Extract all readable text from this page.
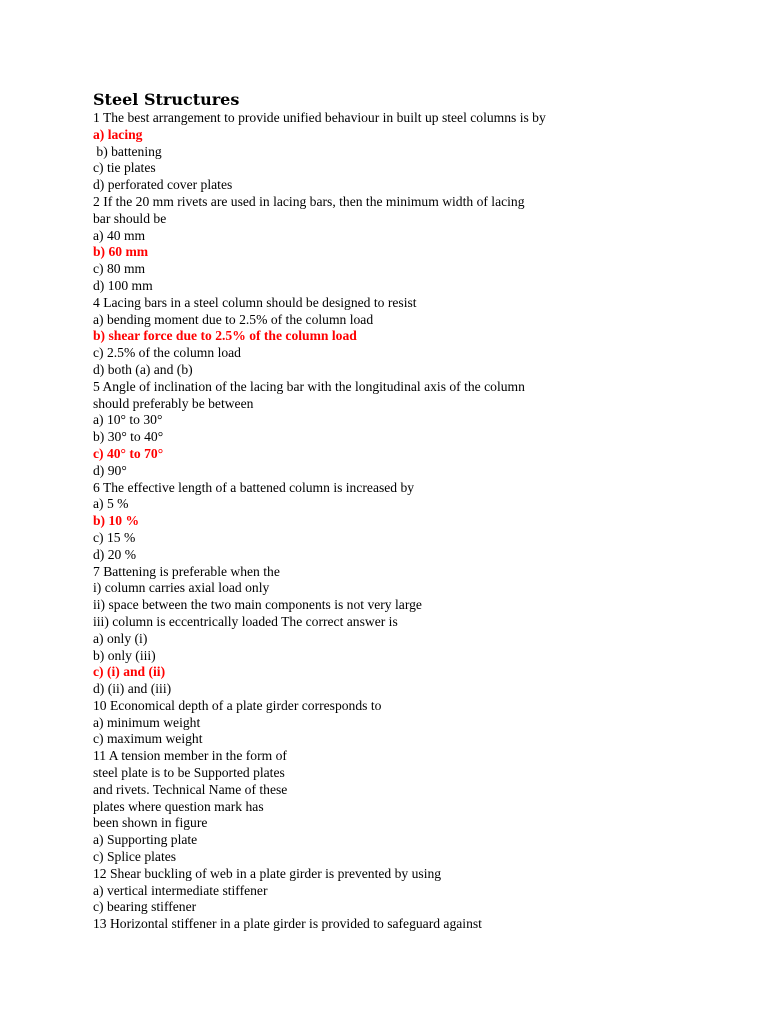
Steel Structures
1 The best arrangement to provide unified behaviour in built up steel columns is by
a) lacing
b) battening
c) tie plates
d) perforated cover plates
2 If the 20 mm rivets are used in lacing bars, then the minimum width of lacing
bar should be
a) 40 mm
b) 60 mm
c) 80 mm
d) 100 mm
4 Lacing bars in a steel column should be designed to resist
a) bending moment due to 2.5% of the column load
b) shear force due to 2.5% of the column load
c) 2.5% of the column load
d) both (a) and (b)
5 Angle of inclination of the lacing bar with the longitudinal axis of the column
should preferably be between
a) 10° to 30°
b) 30° to 40°
c) 40° to 70°
d) 90°
6 The effective length of a battened column is increased by
a) 5 %
b) 10 %
c) 15 %
d) 20 %
7 Battening is preferable when the
i) column carries axial load only
ii) space between the two main components is not very large
iii) column is eccentrically loaded The correct answer is
a) only (i)
b) only (iii)
c) (i) and (ii)
d) (ii) and (iii)
10 Economical depth of a plate girder corresponds to
a) minimum weight
c) maximum weight
11 A tension member in the form of
steel plate is to be Supported plates
and rivets. Technical Name of these
plates where question mark has
been shown in figure
a) Supporting plate
c) Splice plates
12 Shear buckling of web in a plate girder is prevented by using
a) vertical intermediate stiffener
c) bearing stiffener
13 Horizontal stiffener in a plate girder is provided to safeguard against
